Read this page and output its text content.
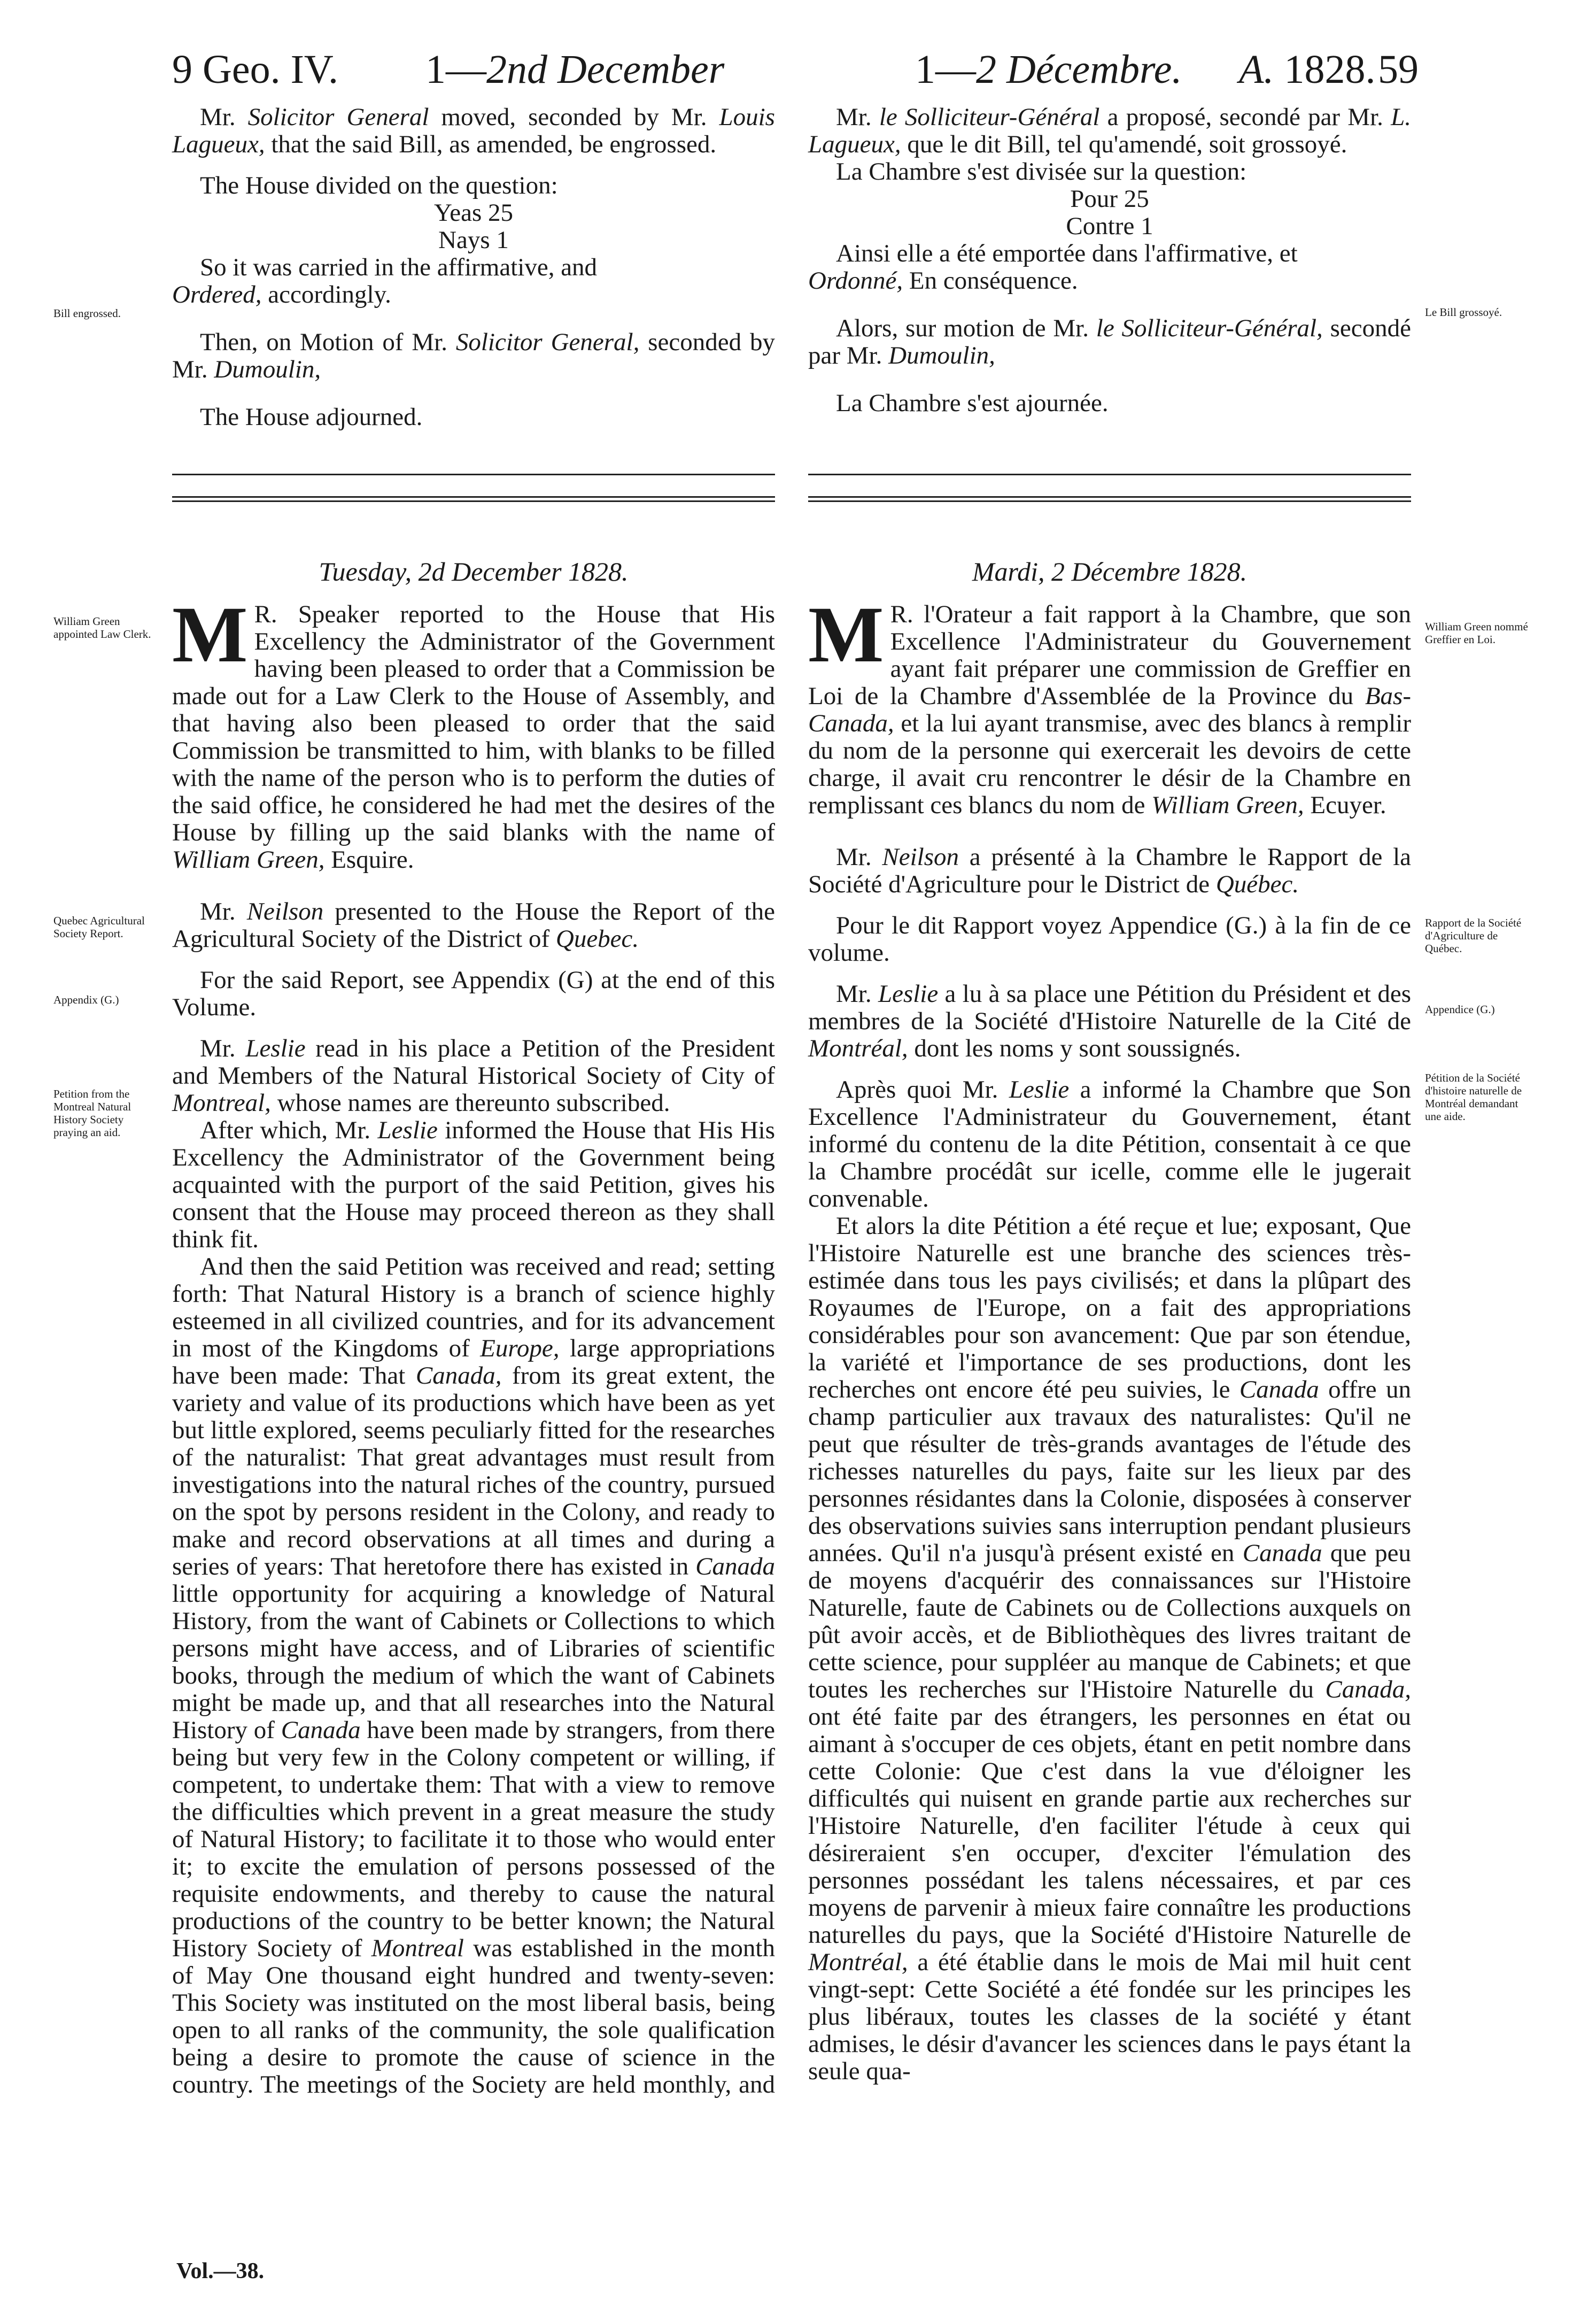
9 Geo. IV. 1—2nd December	1—2 Décembre. A. 1828. 59

Mr. Solicitor General moved, seconded by Mr. Louis Lagueux, that the said Bill, as amended, be engrossed.

The House divided on the question:

Yeas 25

Nays 1

So it was carried in the affirmative, and

Ordered, accordingly.

Then, on Motion of Mr. Solicitor General, seconded by Mr. Dumoulin,

The House adjourned.

Mr. le Solliciteur-Général a proposé, secondé par Mr. L. Lagueux, que le dit Bill, tel qu'amendé, soit grossoyé.

La Chambre s'est divisée sur la question:

Pour 25

Contre 1

Ainsi elle a été emportée dans l'affirmative, et

Ordonné, En conséquence.

Alors, sur motion de Mr. le Solliciteur-Général, secondé par Mr. Dumoulin,

La Chambre s'est ajournée.

Bill engrossed.	Le Bill grossoyé.
Tuesday, 2d December 1828.	Mardi, 2 Décembre 1828.

M R. Speaker reported to the House that His Excellency the Administrator of the Government having been pleased to order that a Commission be made out for a Law Clerk to the House of Assembly, and that having also been pleased to order that the said Commission be transmitted to him, with blanks to be filled with the name of the person who is to perform the duties of the said office, he considered he had met the desires of the House by filling up the said blanks with the name of William Green, Esquire.

Mr. Neilson presented to the House the Report of the Agricultural Society of the District of Quebec.

For the said Report, see Appendix (G) at the end of this Volume.

Mr. Leslie read in his place a Petition of the President and Members of the Natural Historical Society of City of Montreal, whose names are thereunto subscribed.

After which, Mr. Leslie informed the House that His His Excellency the Administrator of the Government being acquainted with the purport of the said Petition, gives his consent that the House may proceed thereon as they shall think fit.

And then the said Petition was received and read; setting forth: That Natural History is a branch of science highly esteemed in all civilized countries, and for its advancement in most of the Kingdoms of Europe, large appropriations have been made: That Canada, from its great extent, the variety and value of its productions which have been as yet but little explored, seems peculiarly fitted for the researches of the naturalist: That great advantages must result from investigations into the natural riches of the country, pursued on the spot by persons resident in the Colony, and ready to make and record observations at all times and during a series of years: That heretofore there has existed in Canada little opportunity for acquiring a knowledge of Natural History, from the want of Cabinets or Collections to which persons might have access, and of Libraries of scientific books, through the medium of which the want of Cabinets might be made up, and that all researches into the Natural History of Canada have been made by strangers, from there being but very few in the Colony competent or willing, if competent, to undertake them: That with a view to remove the difficulties which prevent in a great measure the study of Natural History; to facilitate it to those who would enter it; to excite the emulation of persons possessed of the requisite endowments, and thereby to cause the natural productions of the country to be better known; the Natural History Society of Montreal was established in the month of May One thousand eight hundred and twenty-seven: This Society was instituted on the most liberal basis, being open to all ranks of the community, the sole qualification being a desire to promote the cause of science in the country. The meetings of the Society are held monthly, and

M R. l'Orateur a fait rapport à la Chambre, que son Excellence l'Administrateur du Gouvernement ayant fait préparer une commission de Greffier en Loi de la Chambre d'Assemblée de la Province du Bas-Canada, et la lui ayant transmise, avec des blancs à remplir du nom de la personne qui exercerait les devoirs de cette charge, il avait cru rencontrer le désir de la Chambre en remplissant ces blancs du nom de William Green, Ecuyer.

Mr. Neilson a présenté à la Chambre le Rapport de la Société d'Agriculture pour le District de Québec.

Pour le dit Rapport voyez Appendice (G.) à la fin de ce volume.

Mr. Leslie a lu à sa place une Pétition du Président et des membres de la Société d'Histoire Naturelle de la Cité de Montréal, dont les noms y sont soussignés.

Après quoi Mr. Leslie a informé la Chambre que Son Excellence l'Administrateur du Gouvernement, étant informé du contenu de la dite Pétition, consentait à ce que la Chambre procédât sur icelle, comme elle le jugerait convenable.

Et alors la dite Pétition a été reçue et lue; exposant, Que l'Histoire Naturelle est une branche des sciences très-estimée dans tous les pays civilisés; et dans la plûpart des Royaumes de l'Europe, on a fait des appropriations considérables pour son avancement: Que par son étendue, la variété et l'importance de ses productions, dont les recherches ont encore été peu suivies, le Canada offre un champ particulier aux travaux des naturalistes: Qu'il ne peut que résulter de très-grands avantages de l'étude des richesses naturelles du pays, faite sur les lieux par des personnes résidantes dans la Colonie, disposées à conserver des observations suivies sans interruption pendant plusieurs années. Qu'il n'a jusqu'à présent existé en Canada que peu de moyens d'acquérir des connaissances sur l'Histoire Naturelle, faute de Cabinets ou de Collections auxquels on pût avoir accès, et de Bibliothèques des livres traitant de cette science, pour suppléer au manque de Cabinets; et que toutes les recherches sur l'Histoire Naturelle du Canada, ont été faite par des étrangers, les personnes en état ou aimant à s'occuper de ces objets, étant en petit nombre dans cette Colonie: Que c'est dans la vue d'éloigner les difficultés qui nuisent en grande partie aux recherches sur l'Histoire Naturelle, d'en faciliter l'étude à ceux qui désireraient s'en occuper, d'exciter l'émulation des personnes possédant les talens nécessaires, et par ces moyens de parvenir à mieux faire connaître les productions naturelles du pays, que la Société d'Histoire Naturelle de Montréal, a été établie dans le mois de Mai mil huit cent vingt-sept: Cette Société a été fondée sur les principes les plus libéraux, toutes les classes de la société y étant admises, le désir d'avancer les sciences dans le pays étant la seule qua-

William Green appointed Law Clerk.
Quebec Agricultural Society Report.
Appendix (G.)
Petition from the Montreal Natural History Society praying an aid.
William Green nommé Greffier en Loi.
Rapport de la Société d'Agriculture de Québec.
Appendice (G.)
Pétition de la Société d'histoire naturelle de Montréal demandant une aide.
Vol.—38.
